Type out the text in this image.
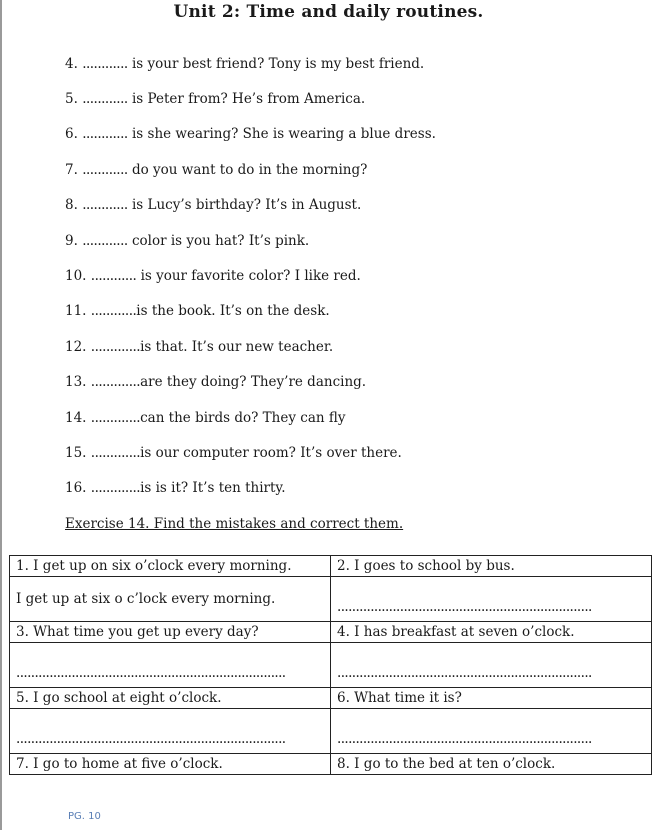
Unit 2: Time and daily routines.
4. ............ is your best friend? Tony is my best friend.
5. ............ is Peter from? He’s from America.
6. ............ is she wearing? She is wearing a blue dress.
7. ............ do you want to do in the morning?
8. ............ is Lucy’s birthday? It’s in August.
9. ............ color is you hat? It’s pink.
10. ............ is your favorite color? I like red.
11. ............is the book. It’s on the desk.
12. .............is that. It’s our new teacher.
13. .............are they doing? They’re dancing.
14. .............can the birds do? They can fly
15. .............is our computer room? It’s over there.
16. .............is is it? It’s ten thirty.
Exercise 14. Find the mistakes and correct them.
1. I get up on six o’clock every morning.	2. I goes to school by bus.
I get up at six o c’lock every morning.	.....................................................................
3. What time you get up every day?	4. I has breakfast at seven o’clock.
.........................................................................	.....................................................................
5. I go school at eight o’clock.	6. What time it is?
.........................................................................	.....................................................................
7. I go to home at five o’clock.	8. I go to the bed at ten o’clock.
PG. 10
